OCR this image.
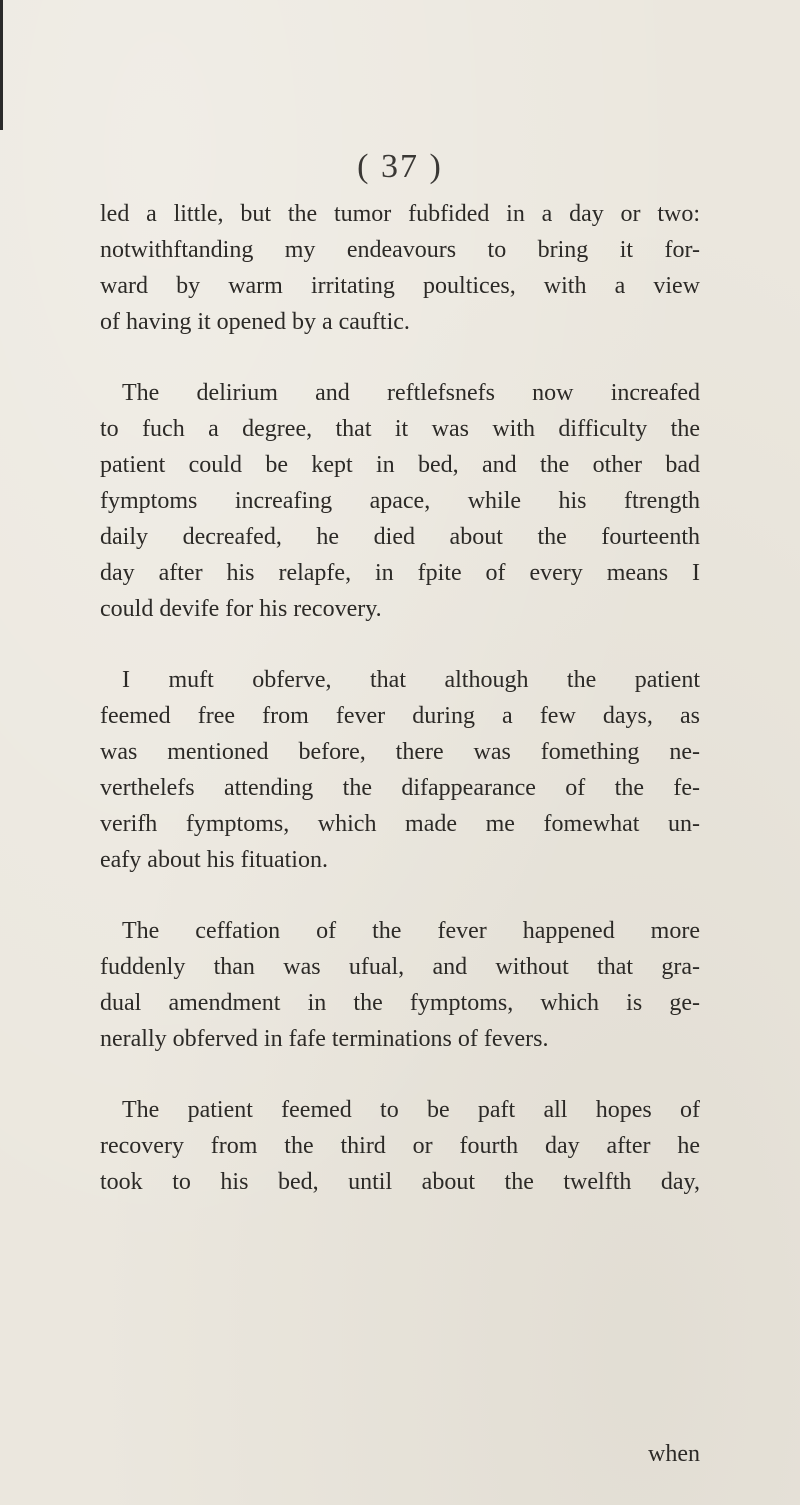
( 37 )
led a little, but the tumor fubfided in a day or two:
notwithftanding my endeavours to bring it for-
ward by warm irritating poultices, with a view
of having it opened by a cauftic.
The delirium and reftlefsnefs now increafed
to fuch a degree, that it was with difficulty the
patient could be kept in bed, and the other bad
fymptoms increafing apace, while his ftrength
daily decreafed, he died about the fourteenth
day after his relapfe, in fpite of every means I
could devife for his recovery.
I muft obferve, that although the patient
feemed free from fever during a few days, as
was mentioned before, there was fomething ne-
verthelefs attending the difappearance of the fe-
verifh fymptoms, which made me fomewhat un-
eafy about his fituation.
The ceffation of the fever happened more
fuddenly than was ufual, and without that gra-
dual amendment in the fymptoms, which is ge-
nerally obferved in fafe terminations of fevers.
The patient feemed to be paft all hopes of
recovery from the third or fourth day after he
took to his bed, until about the twelfth day,
when
